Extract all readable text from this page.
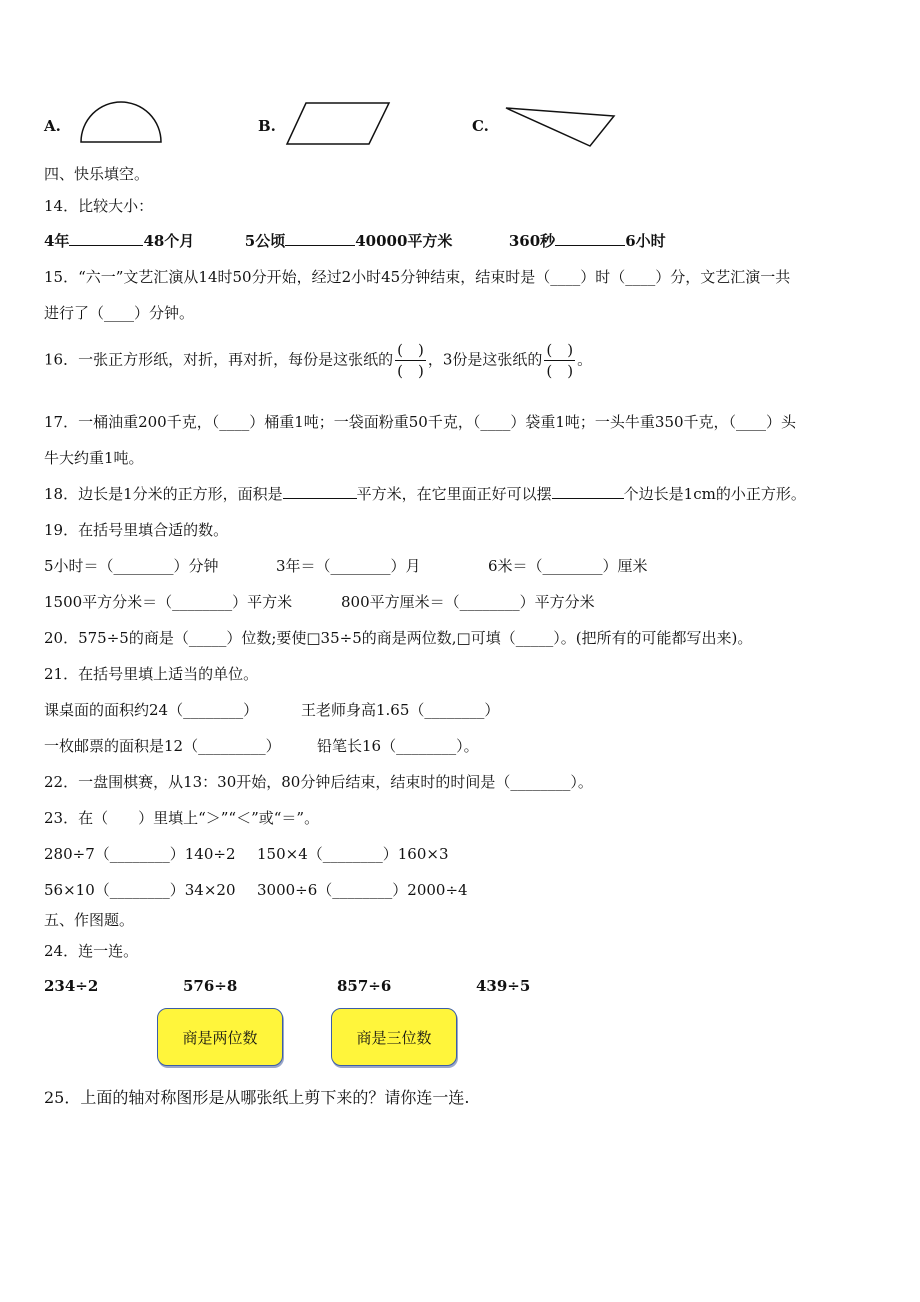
A.	B.	C.
四、快乐填空。
14．比较大小：
4年	48个月	5公顷	40000平方米	360秒	6小时
15．“六一”文艺汇演从14时50分开始，经过2小时45分钟结束，结束时是（____）时（____）分，文艺汇演一共
进行了（____）分钟。
16．一张正方形纸，对折，再对折，每份是这张纸的 $\frac{( )}{( )}$ ，3份是这张纸的 $\frac{( )}{( )}$ 。
17．一桶油重200千克，（____）桶重1吨；一袋面粉重50千克，（____）袋重1吨；一头牛重350千克，（____）头
牛大约重1吨。
18．边长是1分米的正方形，面积是	平方米，在它里面正好可以摆	个边长是1cm的小正方形。
19．在括号里填合适的数。
5小时＝（________）分钟	3年＝（________）月	6米＝（________）厘米
1500平方分米＝（________）平方米	800平方厘米＝（________）平方分米
20．575÷5的商是（_____）位数;要使□35÷5的商是两位数,□可填（_____）。(把所有的可能都写出来)。
21．在括号里填上适当的单位。
课桌面的面积约24（________）	王老师身高1.65（________）
一枚邮票的面积是12（_________） 铅笔长16（________）。
22．一盘围棋赛，从13：30开始，80分钟后结束，结束时的时间是（________）。
23．在（　　）里填上“＞”“＜”或“＝”。
280÷7（________）140÷2 150×4（________）160×3
56×10（________）34×20 3000÷6（________）2000÷4
五、作图题。
24．连一连。
234÷2	576÷8	857÷6	439÷5
商是两位数	商是三位数
25．上面的轴对称图形是从哪张纸上剪下来的？请你连一连.
